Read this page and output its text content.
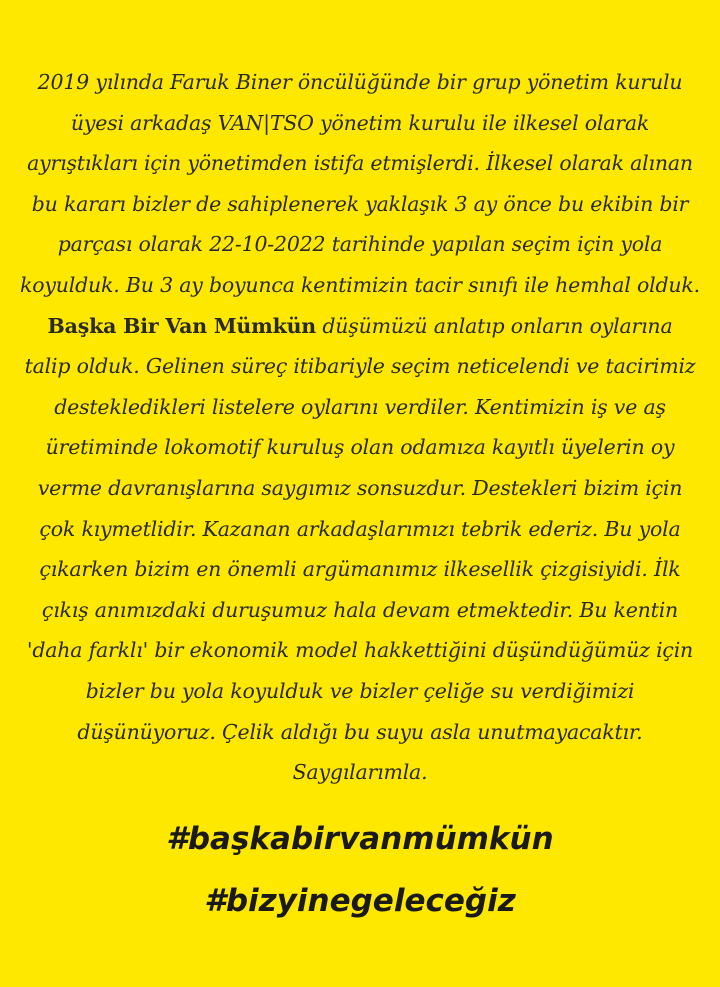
2019 yılında Faruk Biner öncülüğünde bir grup yönetim kurulu
üyesi arkadaş VAN|TSO yönetim kurulu ile ilkesel olarak
ayrıştıkları için yönetimden istifa etmişlerdi. İlkesel olarak alınan
bu kararı bizler de sahiplenerek yaklaşık 3 ay önce bu ekibin bir
parçası olarak 22-10-2022 tarihinde yapılan seçim için yola
koyulduk. Bu 3 ay boyunca kentimizin tacir sınıfı ile hemhal olduk.
Başka Bir Van Mümkün düşümüzü anlatıp onların oylarına
talip olduk. Gelinen süreç itibariyle seçim neticelendi ve tacirimiz
destekledikleri listelere oylarını verdiler. Kentimizin iş ve aş
üretiminde lokomotif kuruluş olan odamıza kayıtlı üyelerin oy
verme davranışlarına saygımız sonsuzdur. Destekleri bizim için
çok kıymetlidir. Kazanan arkadaşlarımızı tebrik ederiz. Bu yola
çıkarken bizim en önemli argümanımız ilkesellik çizgisiyidi. İlk
çıkış anımızdaki duruşumuz hala devam etmektedir. Bu kentin
'daha farklı' bir ekonomik model hakkettiğini düşündüğümüz için
bizler bu yola koyulduk ve bizler çeliğe su verdiğimizi
düşünüyoruz. Çelik aldığı bu suyu asla unutmayacaktır.
Saygılarımla.
#başkabirvanmümkün
#bizyinegeleceğiz
